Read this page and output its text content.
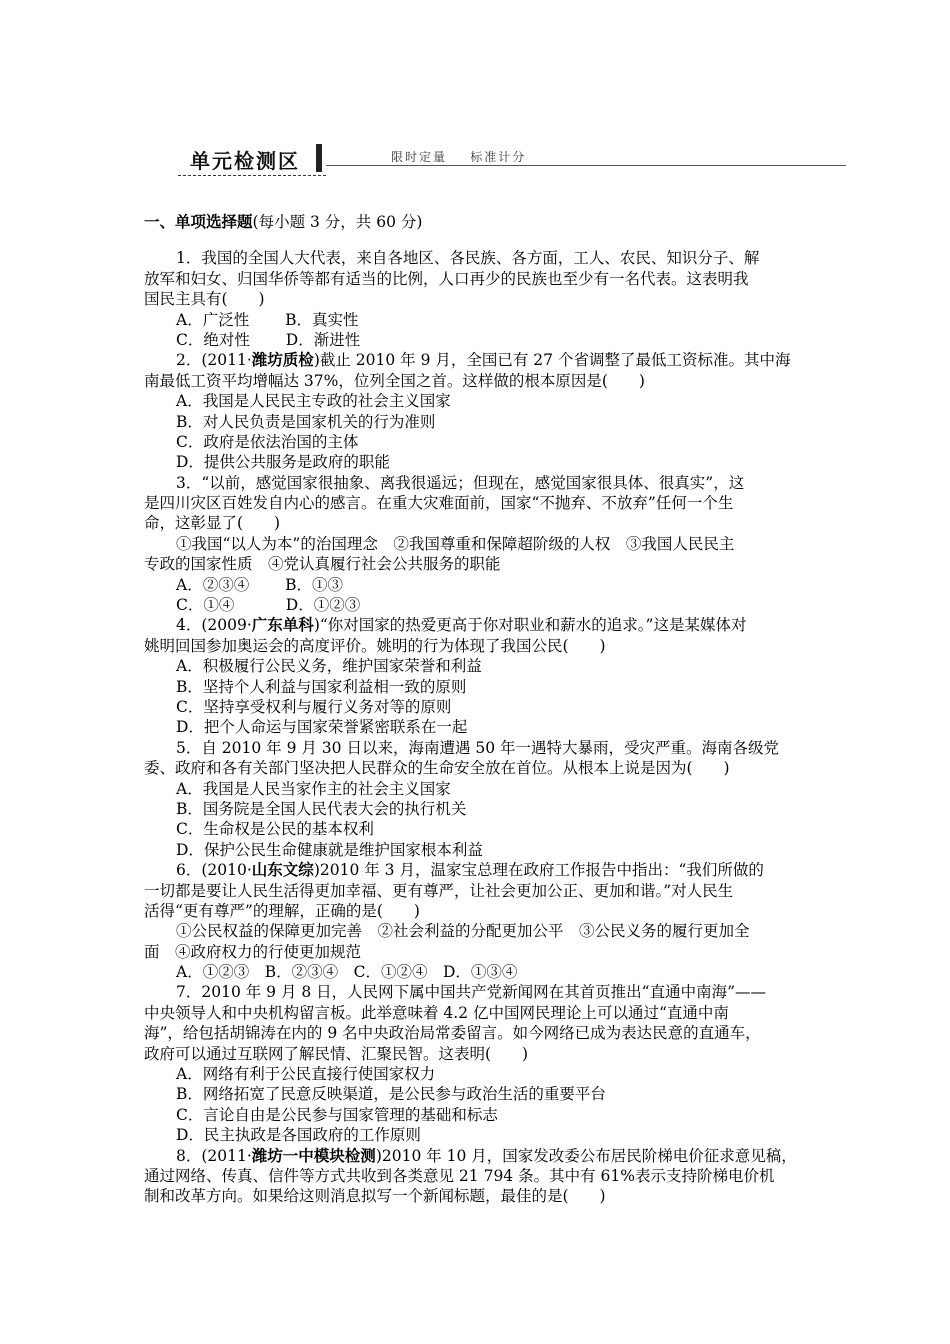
单元检测区	限时定量    标准计分
一、单项选择题(每小题 3 分，共 60 分)
1．我国的全国人大代表，来自各地区、各民族、各方面，工人、农民、知识分子、解
放军和妇女、归国华侨等都有适当的比例，人口再少的民族也至少有一名代表。这表明我
国民主具有(　　)
A．广泛性　　 B．真实性
C．绝对性　　 D．渐进性
2．(2011·潍坊质检)截止 2010 年 9 月，全国已有 27 个省调整了最低工资标准。其中海
南最低工资平均增幅达 37%，位列全国之首。这样做的根本原因是(　　)
A．我国是人民民主专政的社会主义国家
B．对人民负责是国家机关的行为准则
C．政府是依法治国的主体
D．提供公共服务是政府的职能
3．“以前，感觉国家很抽象、离我很遥远；但现在，感觉国家很具体、很真实”，这
是四川灾区百姓发自内心的感言。在重大灾难面前，国家“不抛弃、不放弃”任何一个生
命，这彰显了(　　)
①我国“以人为本”的治国理念　②我国尊重和保障超阶级的人权　③我国人民民主
专政的国家性质　④党认真履行社会公共服务的职能
A．②③④　　 B．①③
C．①④　　　 D．①②③
4．(2009·广东单科)“你对国家的热爱更高于你对职业和薪水的追求。”这是某媒体对
姚明回国参加奥运会的高度评价。姚明的行为体现了我国公民(　　)
A．积极履行公民义务，维护国家荣誉和利益
B．坚持个人利益与国家利益相一致的原则
C．坚持享受权利与履行义务对等的原则
D．把个人命运与国家荣誉紧密联系在一起
5．自 2010 年 9 月 30 日以来，海南遭遇 50 年一遇特大暴雨，受灾严重。海南各级党
委、政府和各有关部门坚决把人民群众的生命安全放在首位。从根本上说是因为(　　)
A．我国是人民当家作主的社会主义国家
B．国务院是全国人民代表大会的执行机关
C．生命权是公民的基本权利
D．保护公民生命健康就是维护国家根本利益
6．(2010·山东文综)2010 年 3 月，温家宝总理在政府工作报告中指出：“我们所做的
一切都是要让人民生活得更加幸福、更有尊严，让社会更加公正、更加和谐。”对人民生
活得“更有尊严”的理解，正确的是(　　)
①公民权益的保障更加完善　②社会利益的分配更加公平　③公民义务的履行更加全
面　④政府权力的行使更加规范
A．①②③　B．②③④　C．①②④　D．①③④
7．2010 年 9 月 8 日，人民网下属中国共产党新闻网在其首页推出“直通中南海”——
中央领导人和中央机构留言板。此举意味着 4.2 亿中国网民理论上可以通过“直通中南
海”，给包括胡锦涛在内的 9 名中央政治局常委留言。如今网络已成为表达民意的直通车，
政府可以通过互联网了解民情、汇聚民智。这表明(　　)
A．网络有利于公民直接行使国家权力
B．网络拓宽了民意反映渠道，是公民参与政治生活的重要平台
C．言论自由是公民参与国家管理的基础和标志
D．民主执政是各国政府的工作原则
8．(2011·潍坊一中模块检测)2010 年 10 月，国家发改委公布居民阶梯电价征求意见稿，
通过网络、传真、信件等方式共收到各类意见 21 794 条。其中有 61%表示支持阶梯电价机
制和改革方向。如果给这则消息拟写一个新闻标题，最佳的是(　　)
